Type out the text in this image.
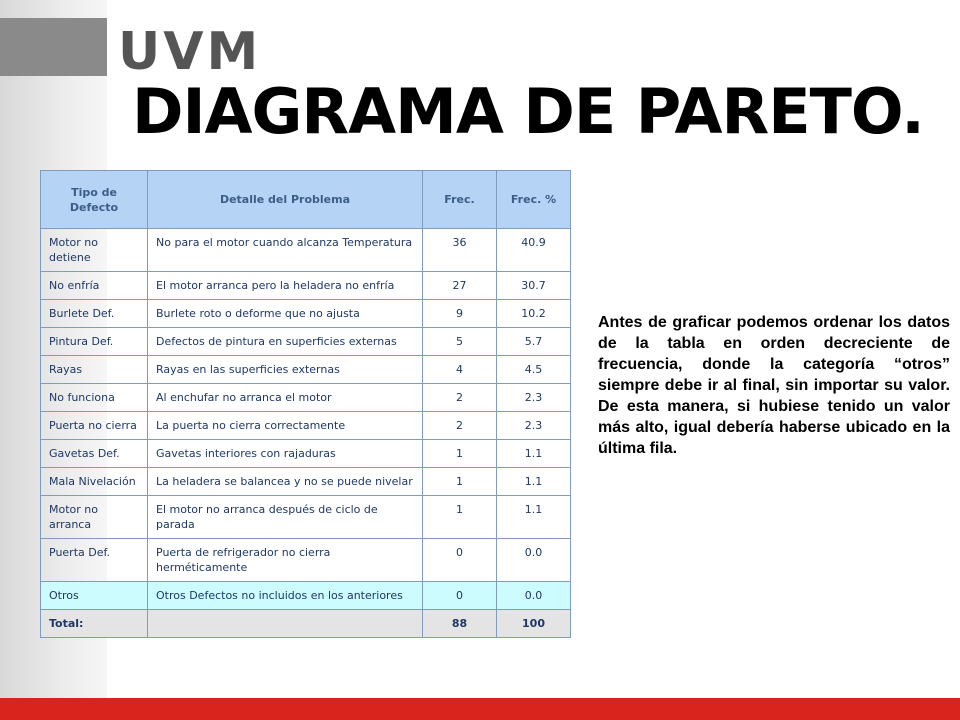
UVM
DIAGRAMA DE PARETO.
Tipo de Defecto	Detalle del Problema	Frec.	Frec. %
Motor no detiene	No para el motor cuando alcanza Temperatura	36	40.9
No enfría	El motor arranca pero la heladera no enfría	27	30.7
Burlete Def.	Burlete roto o deforme que no ajusta	9	10.2
Pintura Def.	Defectos de pintura en superficies externas	5	5.7
Rayas	Rayas en las superficies externas	4	4.5
No funciona	Al enchufar no arranca el motor	2	2.3
Puerta no cierra	La puerta no cierra correctamente	2	2.3
Gavetas Def.	Gavetas interiores con rajaduras	1	1.1
Mala Nivelación	La heladera se balancea y no se puede nivelar	1	1.1
Motor no arranca	El motor no arranca después de ciclo de parada	1	1.1
Puerta Def.	Puerta de refrigerador no cierra herméticamente	0	0.0
Otros	Otros Defectos no incluidos en los anteriores	0	0.0
Total:		88	100
Antes de graficar podemos ordenar los datos de la tabla en orden decreciente de frecuencia, donde la categoría “otros” siempre debe ir al final, sin importar su valor. De esta manera, si hubiese tenido un valor más alto, igual debería haberse ubicado en la última fila.
